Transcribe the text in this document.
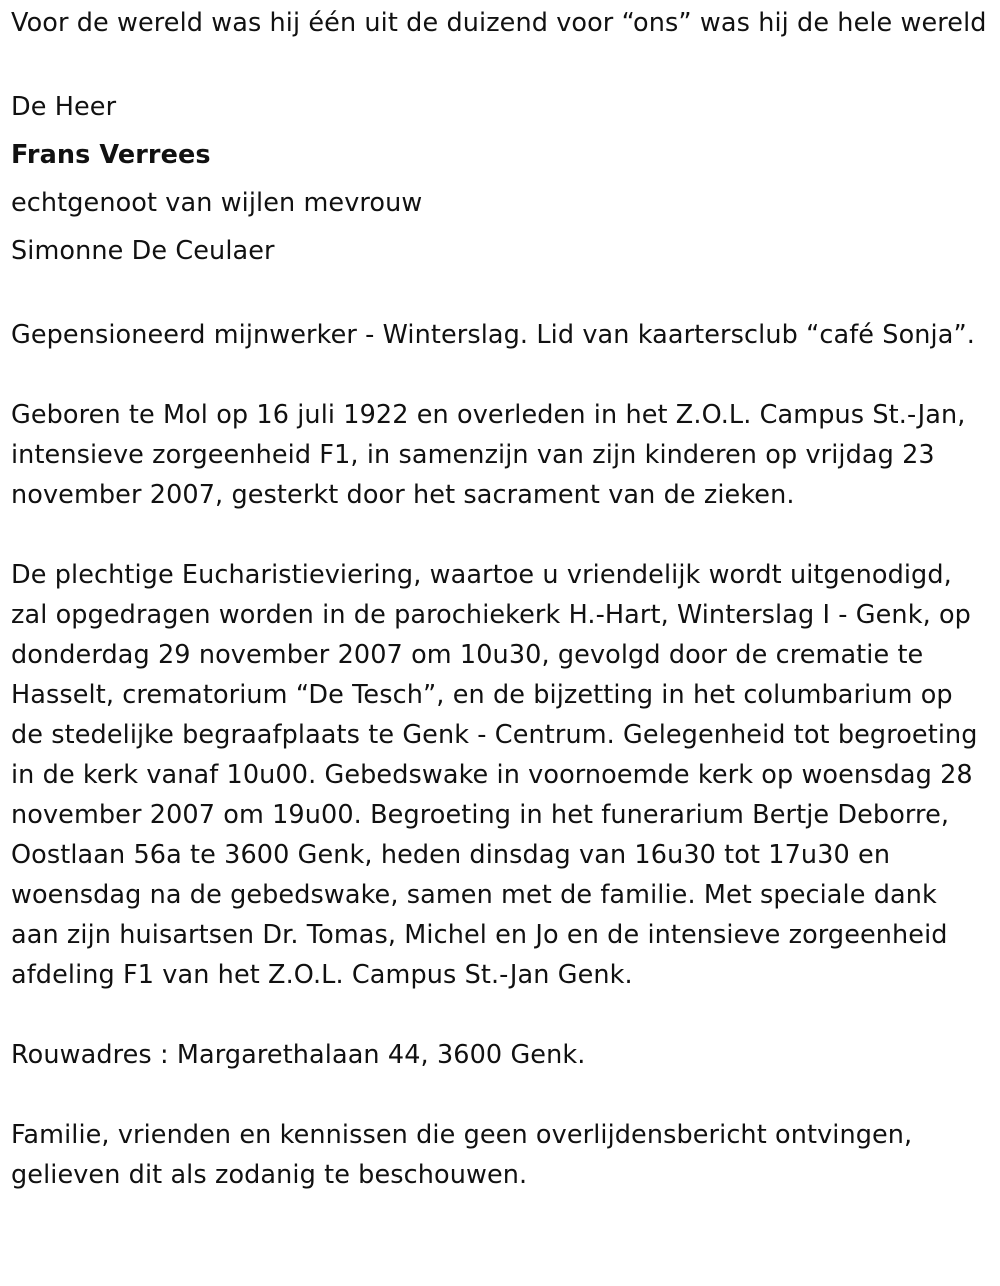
Voor de wereld was hij één uit de duizend voor “ons” was hij de hele wereld

De Heer

Frans Verrees

echtgenoot van wijlen mevrouw

Simonne De Ceulaer

Gepensioneerd mijnwerker - Winterslag. Lid van kaartersclub “café Sonja”.

Geboren te Mol op 16 juli 1922 en overleden in het Z.O.L. Campus St.-Jan, intensieve zorgeenheid F1, in samenzijn van zijn kinderen op vrijdag 23 november 2007, gesterkt door het sacrament van de zieken.

De plechtige Eucharistieviering, waartoe u vriendelijk wordt uitgenodigd, zal opgedragen worden in de parochiekerk H.-Hart, Winterslag I - Genk, op donderdag 29 november 2007 om 10u30, gevolgd door de crematie te Hasselt, crematorium “De Tesch”, en de bijzetting in het columbarium op de stedelijke begraafplaats te Genk - Centrum. Gelegenheid tot begroeting in de kerk vanaf 10u00. Gebedswake in voornoemde kerk op woensdag 28 november 2007 om 19u00. Begroeting in het funerarium Bertje Deborre, Oostlaan 56a te 3600 Genk, heden dinsdag van 16u30 tot 17u30 en woensdag na de gebedswake, samen met de familie. Met speciale dank aan zijn huisartsen Dr. Tomas, Michel en Jo en de intensieve zorgeenheid afdeling F1 van het Z.O.L. Campus St.-Jan Genk.

Rouwadres : Margarethalaan 44, 3600 Genk.

Familie, vrienden en kennissen die geen overlijdensbericht ontvingen, gelieven dit als zodanig te beschouwen.
